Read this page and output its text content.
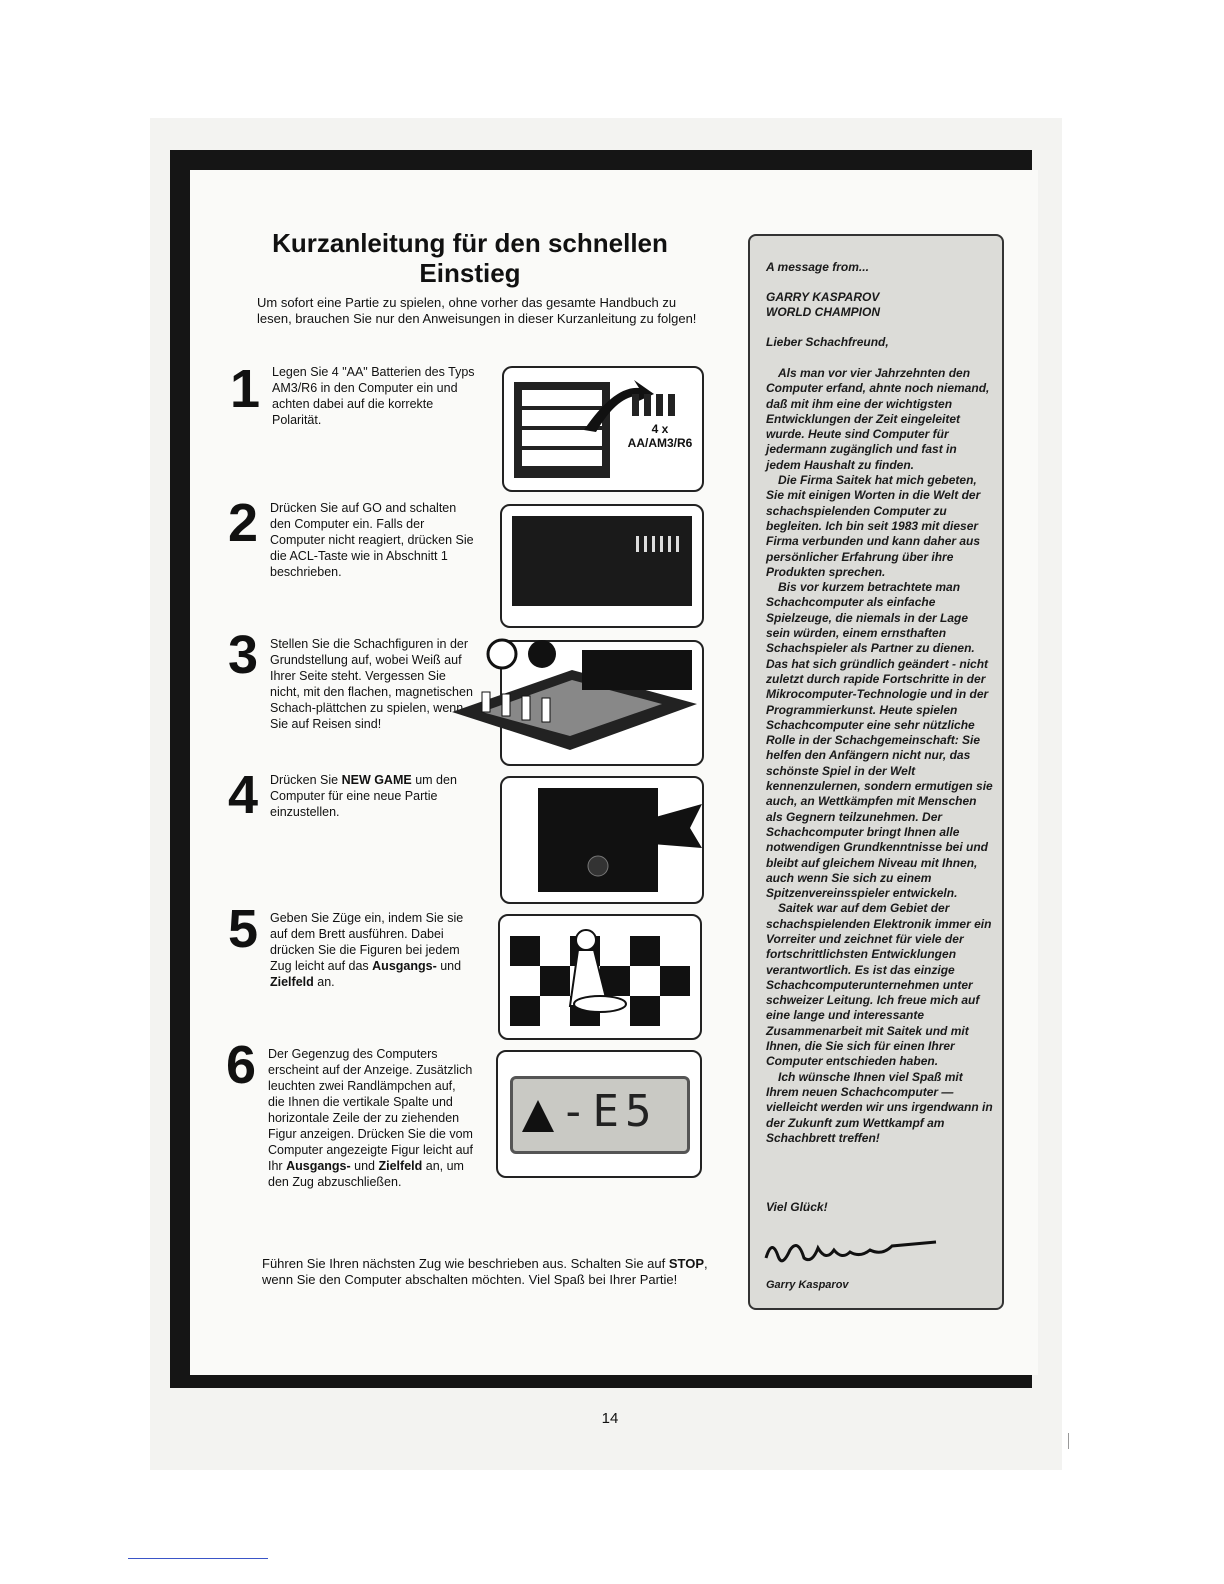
Kurzanleitung für den schnellen
Einstieg
Um sofort eine Partie zu spielen, ohne vorher das gesamte Handbuch zu lesen, brauchen Sie nur den Anweisungen in dieser Kurzanleitung zu folgen!
1 Legen Sie 4 "AA" Batterien des Typs AM3/R6 in den Computer ein und achten dabei auf die korrekte Polarität.
4 x
AA/AM3/R6
2 Drücken Sie auf GO and schalten den Computer ein. Falls der Computer nicht reagiert, drücken Sie die ACL-Taste wie in Abschnitt 1 beschrieben.
3 Stellen Sie die Schachfiguren in der Grundstellung auf, wobei Weiß auf Ihrer Seite steht. Vergessen Sie nicht, mit den flachen, magnetischen Schach-plättchen zu spielen, wenn Sie auf Reisen sind!
4 Drücken Sie NEW GAME um den Computer für eine neue Partie einzustellen.
5 Geben Sie Züge ein, indem Sie sie auf dem Brett ausführen. Dabei drücken Sie die Figuren bei jedem Zug leicht auf das Ausgangs- und Zielfeld an.
6 Der Gegenzug des Computers erscheint auf der Anzeige. Zusätzlich leuchten zwei Randlämpchen auf, die Ihnen die vertikale Spalte und horizontale Zeile der zu ziehenden Figur anzeigen. Drücken Sie die vom Computer angezeigte Figur leicht auf Ihr Ausgangs- und Zielfeld an, um den Zug abzuschließen.
-E5
Führen Sie Ihren nächsten Zug wie beschrieben aus. Schalten Sie auf STOP, wenn Sie den Computer abschalten möchten. Viel Spaß bei Ihrer Partie!
A message from...
GARRY KASPAROV
WORLD CHAMPION
Lieber Schachfreund,
Als man vor vier Jahrzehnten den Computer erfand, ahnte noch niemand, daß mit ihm eine der wichtigsten Entwicklungen der Zeit eingeleitet wurde. Heute sind Computer für jedermann zugänglich und fast in jedem Haushalt zu finden.
Die Firma Saitek hat mich gebeten, Sie mit einigen Worten in die Welt der schachspielenden Computer zu begleiten. Ich bin seit 1983 mit dieser Firma verbunden und kann daher aus persönlicher Erfahrung über ihre Produkten sprechen.
Bis vor kurzem betrachtete man Schachcomputer als einfache Spielzeuge, die niemals in der Lage sein würden, einem ernsthaften Schachspieler als Partner zu dienen. Das hat sich gründlich geändert - nicht zuletzt durch rapide Fortschritte in der Mikrocomputer-Technologie und in der Programmierkunst. Heute spielen Schachcomputer eine sehr nützliche Rolle in der Schachgemeinschaft: Sie helfen den Anfängern nicht nur, das schönste Spiel in der Welt kennenzulernen, sondern ermutigen sie auch, an Wettkämpfen mit Menschen als Gegnern teilzunehmen. Der Schachcomputer bringt Ihnen alle notwendigen Grundkenntnisse bei und bleibt auf gleichem Niveau mit Ihnen, auch wenn Sie sich zu einem Spitzenvereinsspieler entwickeln.
Saitek war auf dem Gebiet der schachspielenden Elektronik immer ein Vorreiter und zeichnet für viele der fortschrittlichsten Entwicklungen verantwortlich. Es ist das einzige Schachcomputerunternehmen unter schweizer Leitung. Ich freue mich auf eine lange und interessante Zusammenarbeit mit Saitek und mit Ihnen, die Sie sich für einen Ihrer Computer entschieden haben.
Ich wünsche Ihnen viel Spaß mit Ihrem neuen Schachcomputer — vielleicht werden wir uns irgendwann in der Zukunft zum Wettkampf am Schachbrett treffen!
Viel Glück!
Garry Kasparov
14
